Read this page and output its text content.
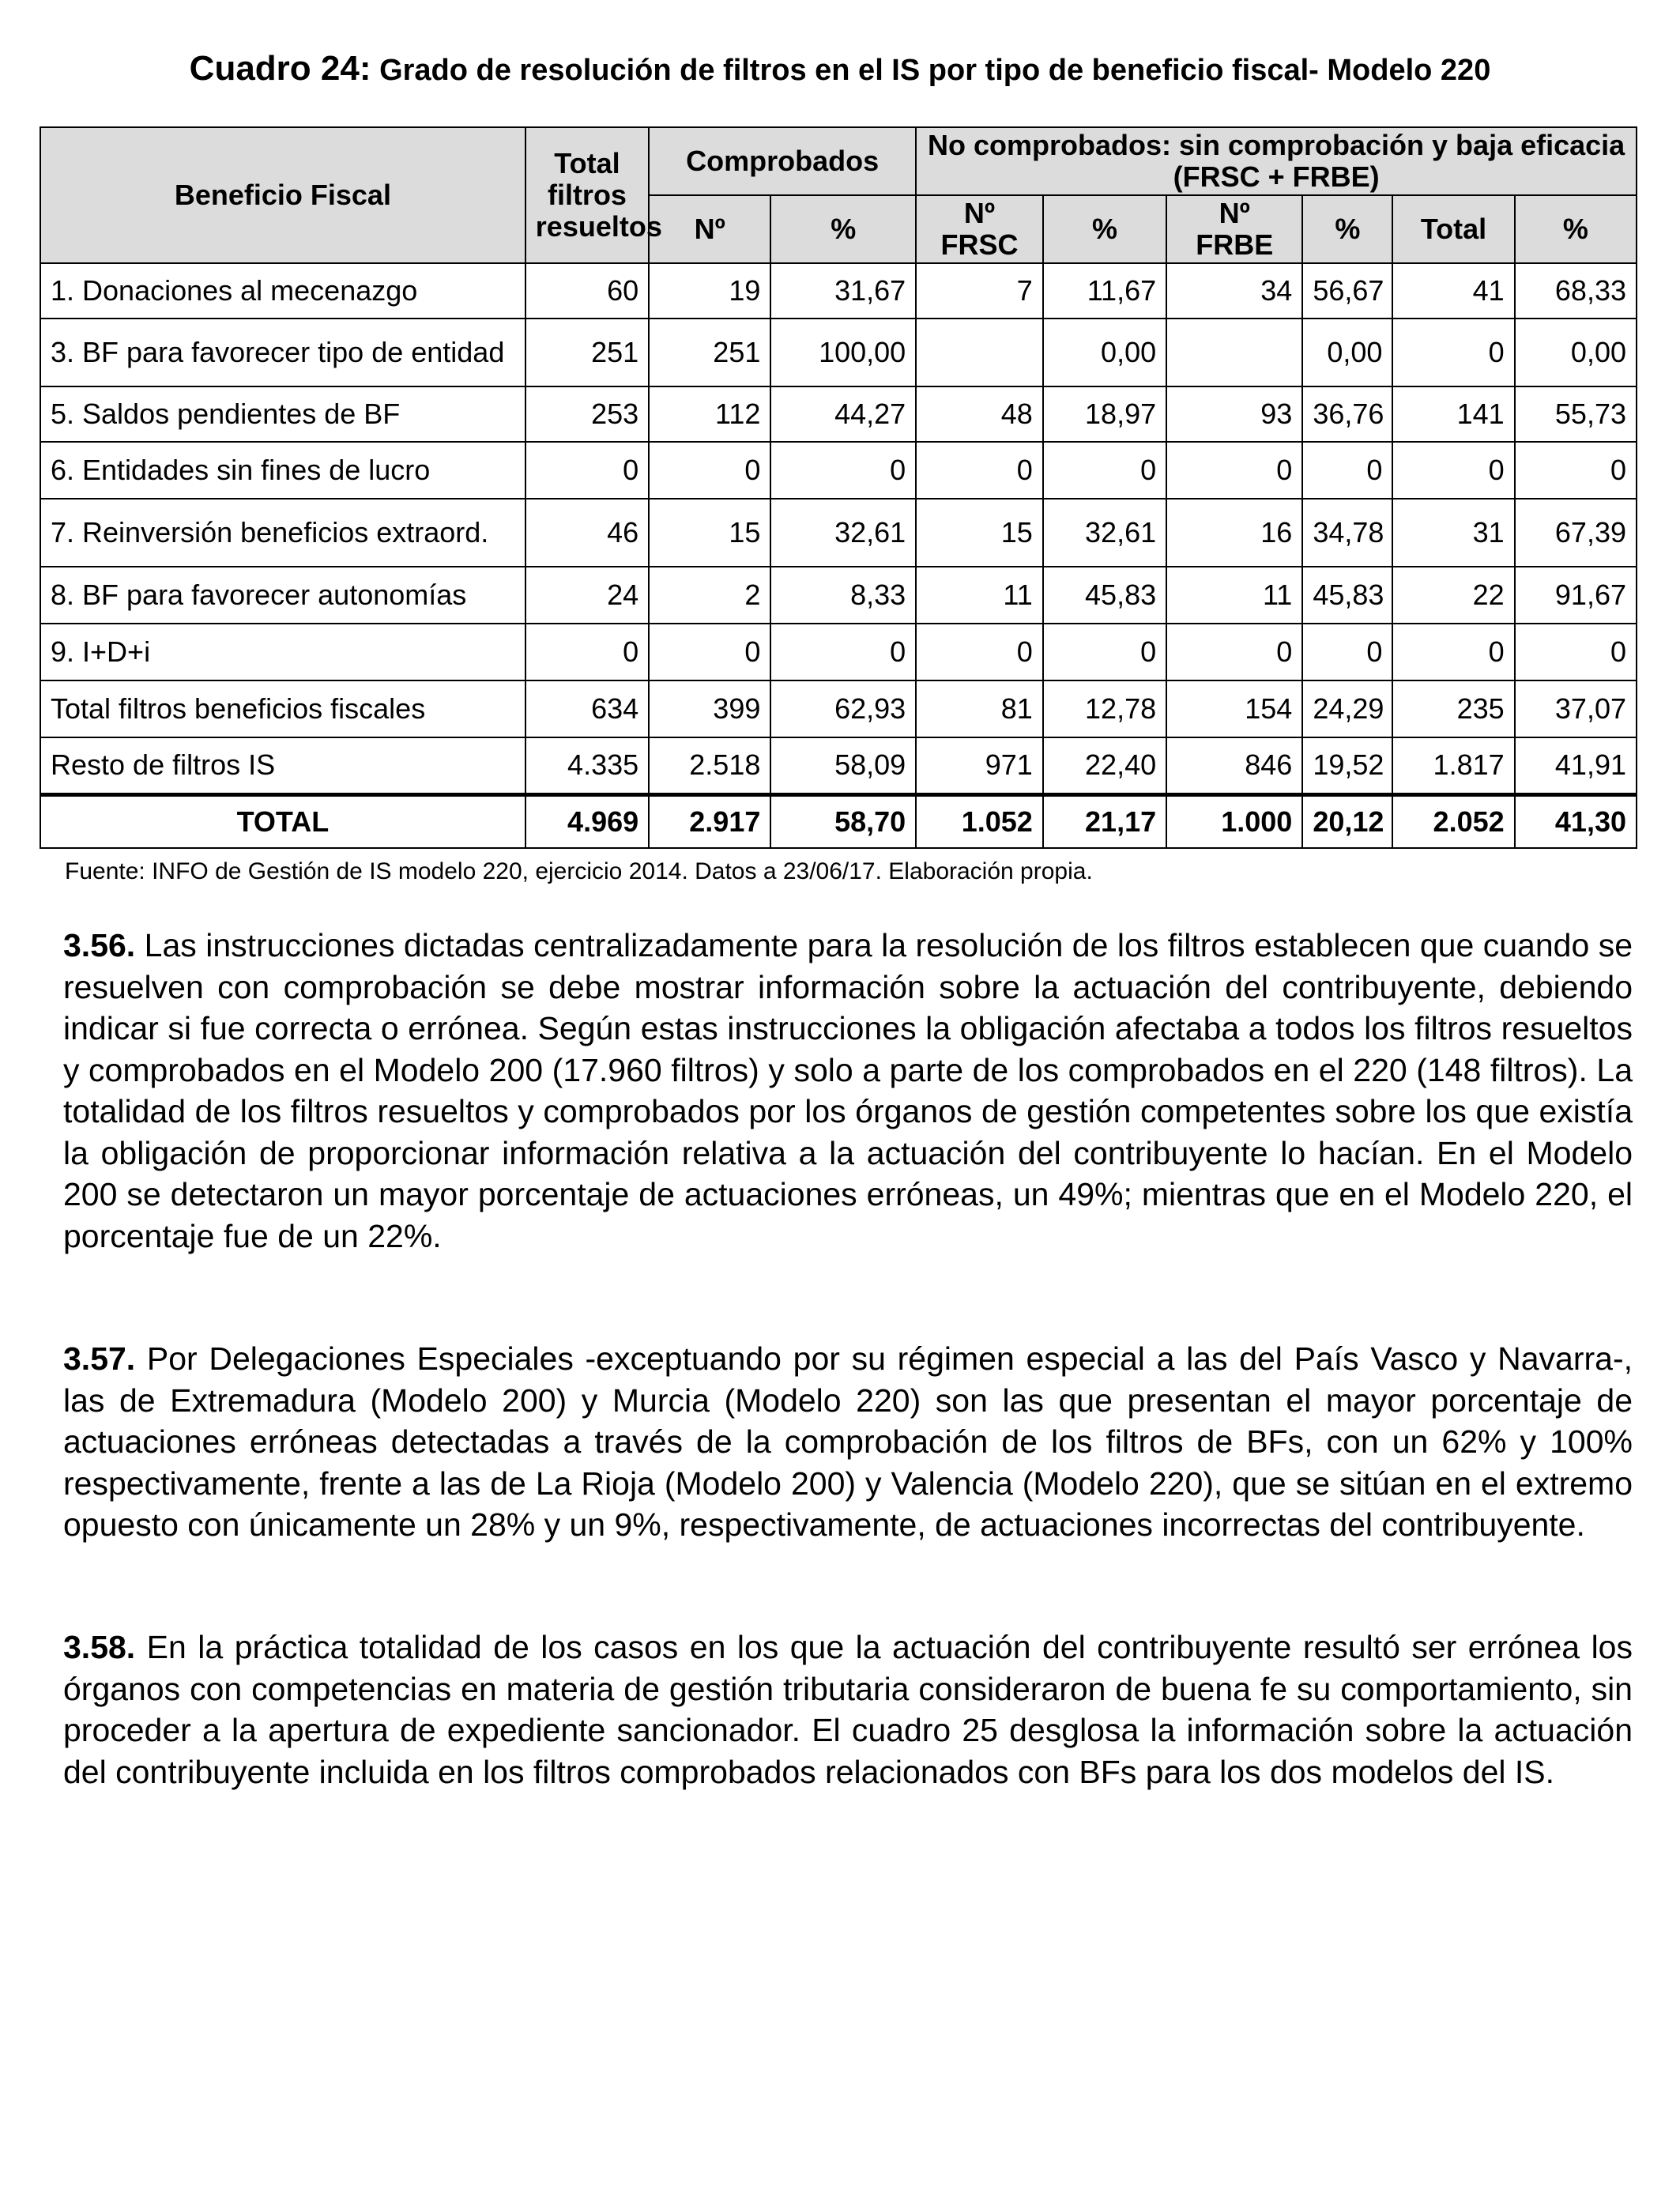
Cuadro 24: Grado de resolución de filtros en el IS por tipo de beneficio fiscal- Modelo 220
Beneficio Fiscal	Total filtros resueltos	Comprobados		No comprobados: sin comprobación y baja eficacia (FRSC + FRBE)					
		Nº	%	Nº FRSC	%	Nº FRBE	%	Total	%
1. Donaciones al mecenazgo	60	19	31,67	7	11,67	34	56,67	41	68,33
3. BF para favorecer tipo de entidad	251	251	100,00		0,00		0,00	0	0,00
5. Saldos pendientes de BF	253	112	44,27	48	18,97	93	36,76	141	55,73
6. Entidades sin fines de lucro	0	0	0	0	0	0	0	0	0
7. Reinversión beneficios extraord.	46	15	32,61	15	32,61	16	34,78	31	67,39
8. BF para favorecer autonomías	24	2	8,33	11	45,83	11	45,83	22	91,67
9. I+D+i	0	0	0	0	0	0	0	0	0
Total filtros beneficios fiscales	634	399	62,93	81	12,78	154	24,29	235	37,07
Resto de filtros IS	4.335	2.518	58,09	971	22,40	846	19,52	1.817	41,91
TOTAL	4.969	2.917	58,70	1.052	21,17	1.000	20,12	2.052	41,30
Fuente: INFO de Gestión de IS modelo 220, ejercicio 2014. Datos a 23/06/17. Elaboración propia.
3.56. Las instrucciones dictadas centralizadamente para la resolución de los filtros establecen que cuando se resuelven con comprobación se debe mostrar información sobre la actuación del contribuyente, debiendo indicar si fue correcta o errónea. Según estas instrucciones la obligación afectaba a todos los filtros resueltos y comprobados en el Modelo 200 (17.960 filtros) y solo a parte de los comprobados en el 220 (148 filtros). La totalidad de los filtros resueltos y comprobados por los órganos de gestión competentes sobre los que existía la obligación de proporcionar información relativa a la actuación del contribuyente lo hacían. En el Modelo 200 se detectaron un mayor porcentaje de actuaciones erróneas, un 49%; mientras que en el Modelo 220, el porcentaje fue de un 22%.
3.57. Por Delegaciones Especiales -exceptuando por su régimen especial a las del País Vasco y Navarra-, las de Extremadura (Modelo 200) y Murcia (Modelo 220) son las que presentan el mayor porcentaje de actuaciones erróneas detectadas a través de la comprobación de los filtros de BFs, con un 62% y 100% respectivamente, frente a las de La Rioja (Modelo 200) y Valencia (Modelo 220), que se sitúan en el extremo opuesto con únicamente un 28% y un 9%, respectivamente, de actuaciones incorrectas del contribuyente.
3.58. En la práctica totalidad de los casos en los que la actuación del contribuyente resultó ser errónea los órganos con competencias en materia de gestión tributaria consideraron de buena fe su comportamiento, sin proceder a la apertura de expediente sancionador. El cuadro 25 desglosa la información sobre la actuación del contribuyente incluida en los filtros comprobados relacionados con BFs para los dos modelos del IS.
